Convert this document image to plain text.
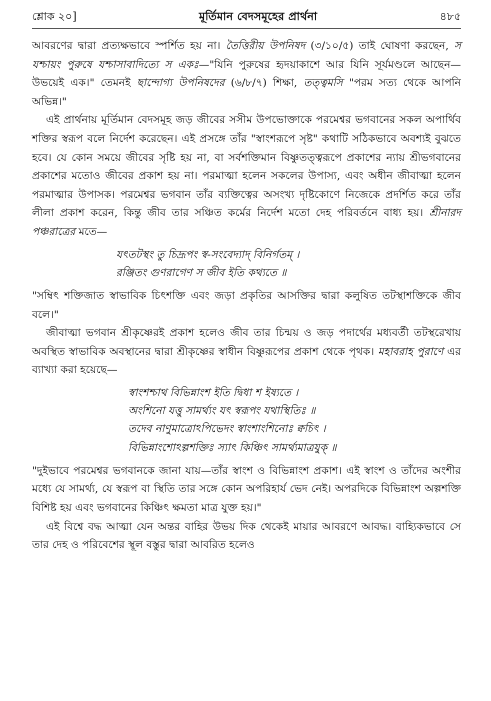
শ্লোক ২০]	মূর্তিমান বেদসমূহের প্রার্থনা	৪৮৫

আবরণের দ্বারা প্রত্যক্ষভাবে স্পর্শিত হয় না। তৈত্তিরীয় উপনিষদ (৩/১০/৫) তাই ঘোষণা করছেন, স যশ্চায়ং পুরুষে যশ্চাসাবাদিত্যে স একঃ—"যিনি পুরুষের হৃদয়াকাশে আর যিনি সূর্যমণ্ডলে আছেন—উভয়েই এক।" তেমনই ছান্দোগ্য উপনিষদের (৬/৮/৭) শিক্ষা, তত্ত্বমসি "পরম সত্য থেকে আপনি অভিন্ন।"

এই প্রার্থনায় মূর্তিমান বেদসমূহ জড় জীবের সসীম উপভোক্তাকে পরমেশ্বর ভগবানের সকল অপার্থিব শক্তির স্বরূপ বলে নির্দেশ করেছেন। এই প্রসঙ্গে তাঁর "স্বাংশরূপে সৃষ্ট" কথাটি সঠিকভাবে অবশ্যই বুঝতে হবে। যে কোন সময়ে জীবের সৃষ্টি হয় না, বা সর্বশক্তিমান বিষ্ণুতত্ত্বরূপে প্রকাশের ন্যায় শ্রীভগবানের প্রকাশের মতোও জীবের প্রকাশ হয় না। পরমাত্মা হলেন সকলের উপাস্য, এবং অধীন জীবাত্মা হলেন পরমাত্মার উপাসক। পরমেশ্বর ভগবান তাঁর ব্যক্তিত্বের অসংখ্য দৃষ্টিকোণে নিজেকে প্রদর্শিত করে তাঁর লীলা প্রকাশ করেন, কিন্তু জীব তার সঞ্চিত কর্মের নির্দেশ মতো দেহ পরিবর্তনে বাধ্য হয়। শ্রীনারদ পঞ্চরাত্রের মতে—

যৎতটস্থং তু চিদ্রূপং স্ব-সংবেদ্যাদ্ বিনির্গতম্ ।
রঞ্জিতং গুণরাগেণ স জীব ইতি কথ্যতে ॥

"সম্বিৎ শক্তিজাত স্বাভাবিক চিৎশক্তি এবং জড়া প্রকৃতির আসক্তির দ্বারা কলুষিত তটস্থাশক্তিকে জীব বলে।"

জীবাত্মা ভগবান শ্রীকৃষ্ণেরই প্রকাশ হলেও জীব তার চিন্ময় ও জড় পদার্থের মধ্যবর্তী তটস্থরেখায় অবস্থিত স্বাভাবিক অবস্থানের দ্বারা শ্রীকৃষ্ণের স্বাধীন বিষ্ণুরূপের প্রকাশ থেকে পৃথক। মহাবরাহ পুরাণে এর ব্যাখ্যা করা হয়েছে—

স্বাংশশ্চাথ বিভিন্নাংশ ইতি দ্বিধা শ ইষ্যতে ।
অংশিনো যত্তু সামর্থ্যং যৎ স্বরূপং যথাস্থিতিঃ ॥
তদেব নাণুমাত্রোঽপিভেদং স্বাংশাংশিনোঃ ক্বচিৎ ।
বিভিন্নাংশোঽল্পশক্তিঃ স্যাৎ কিঞ্চিৎ সামর্থ্যমাত্রযুক্ ॥

"দুইভাবে পরমেশ্বর ভগবানকে জানা যায়—তাঁর স্বাংশ ও বিভিন্নাংশ প্রকাশ। এই স্বাংশ ও তাঁদের অংশীর মধ্যে যে সামর্থ্য, যে স্বরূপ বা স্থিতি তার সঙ্গে কোন অপরিহার্য ভেদ নেই। অপরদিকে বিভিন্নাংশ অল্পশক্তি বিশিষ্ট হয় এবং ভগবানের কিঞ্চিৎ ক্ষমতা মাত্র যুক্ত হয়।"

এই বিশ্বে বদ্ধ আত্মা যেন অন্তর বাহির উভয় দিক থেকেই মায়ার আবরণে আবদ্ধ। বাহ্যিকভাবে সে তার দেহ ও পরিবেশের স্থূল বস্তুর দ্বারা আবরিত হলেও
